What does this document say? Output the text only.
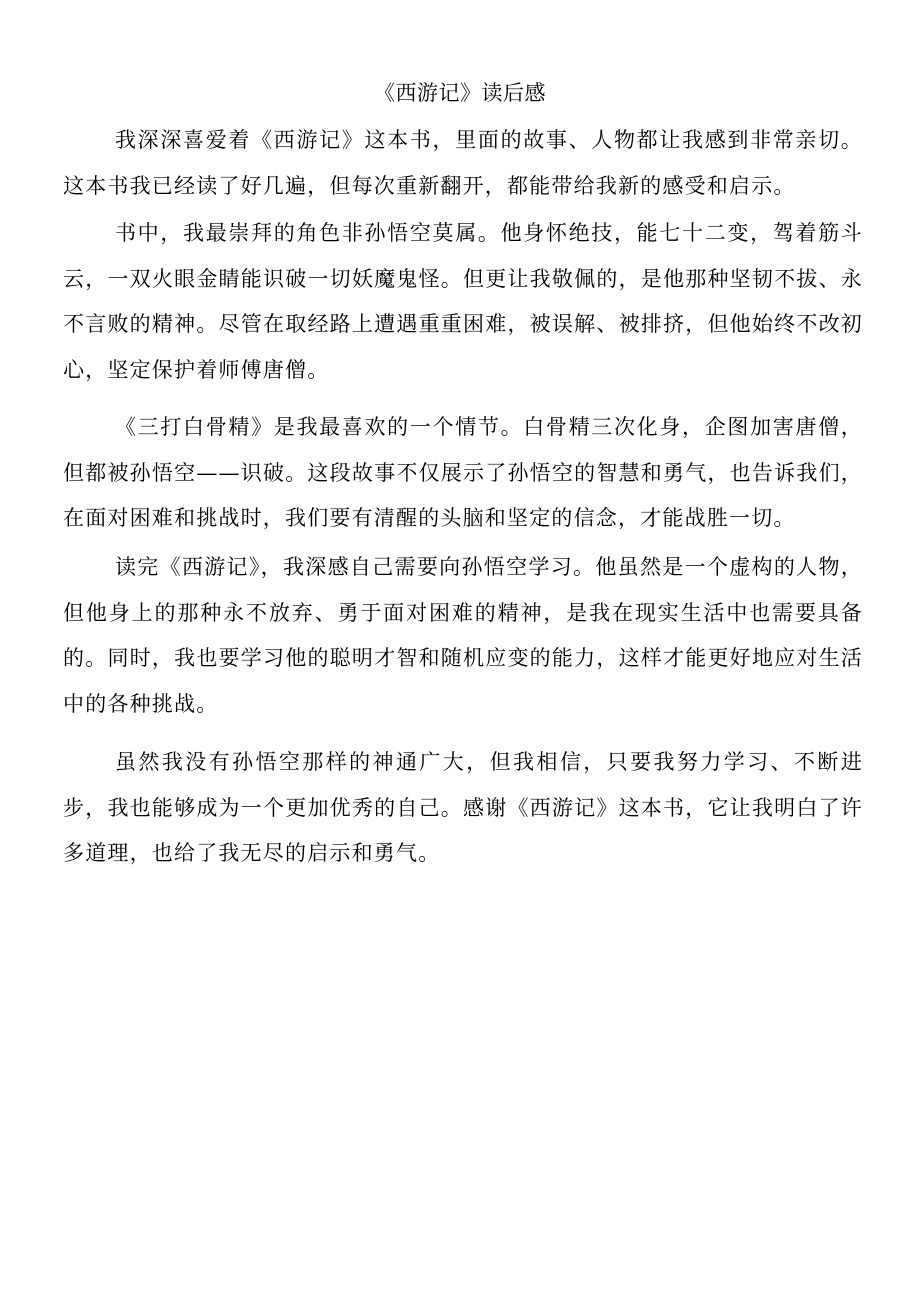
《西游记》读后感

我深深喜爱着《西游记》这本书，里面的故事、人物都让我感到非常亲切。这本书我已经读了好几遍，但每次重新翻开，都能带给我新的感受和启示。

书中，我最崇拜的角色非孙悟空莫属。他身怀绝技，能七十二变，驾着筋斗云，一双火眼金睛能识破一切妖魔鬼怪。但更让我敬佩的，是他那种坚韧不拔、永不言败的精神。尽管在取经路上遭遇重重困难，被误解、被排挤，但他始终不改初心，坚定保护着师傅唐僧。

《三打白骨精》是我最喜欢的一个情节。白骨精三次化身，企图加害唐僧，但都被孙悟空——识破。这段故事不仅展示了孙悟空的智慧和勇气，也告诉我们，在面对困难和挑战时，我们要有清醒的头脑和坚定的信念，才能战胜一切。

读完《西游记》，我深感自己需要向孙悟空学习。他虽然是一个虚构的人物，但他身上的那种永不放弃、勇于面对困难的精神，是我在现实生活中也需要具备的。同时，我也要学习他的聪明才智和随机应变的能力，这样才能更好地应对生活中的各种挑战。

虽然我没有孙悟空那样的神通广大，但我相信，只要我努力学习、不断进步，我也能够成为一个更加优秀的自己。感谢《西游记》这本书，它让我明白了许多道理，也给了我无尽的启示和勇气。
